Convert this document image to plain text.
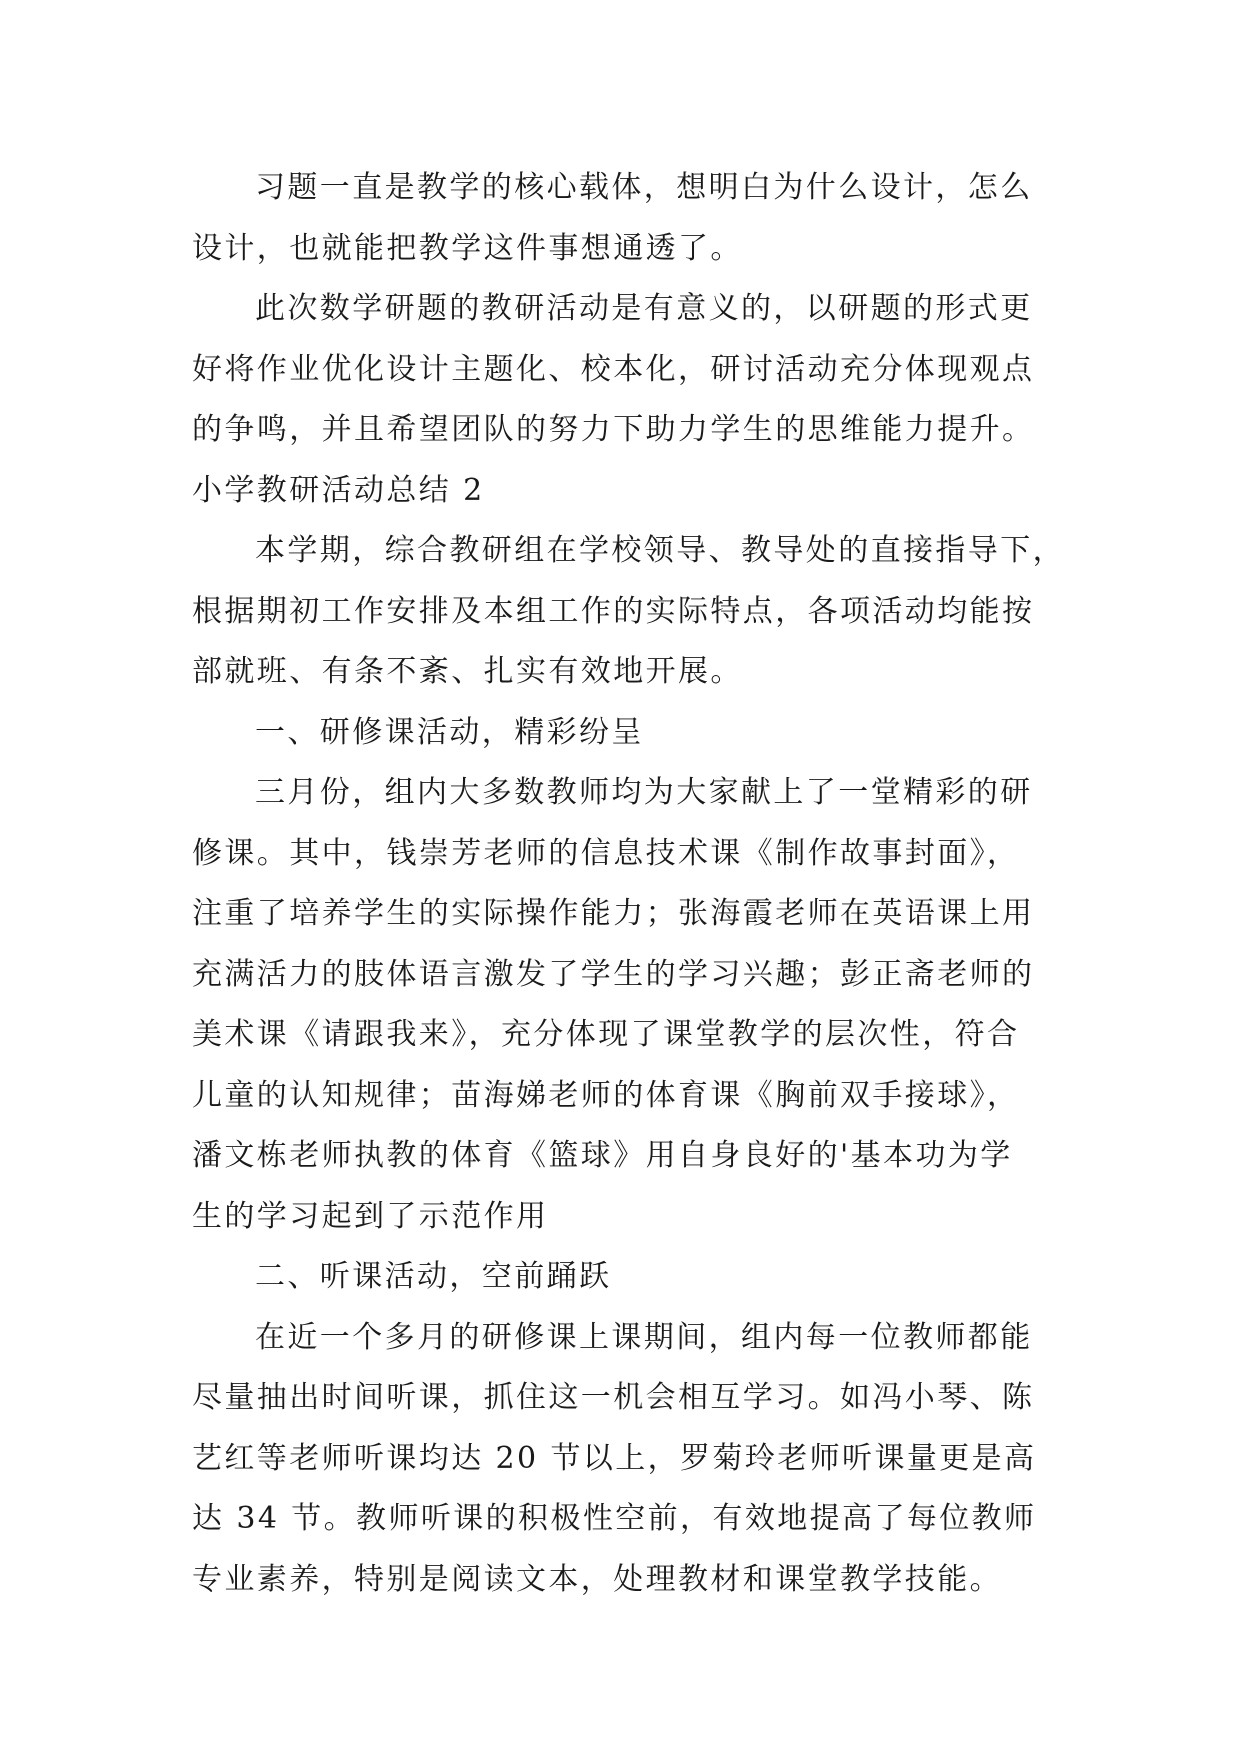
习题一直是教学的核心载体，想明白为什么设计，怎么
设计，也就能把教学这件事想通透了。
此次数学研题的教研活动是有意义的，以研题的形式更
好将作业优化设计主题化、校本化，研讨活动充分体现观点
的争鸣，并且希望团队的努力下助力学生的思维能力提升。
小学教研活动总结 2
本学期，综合教研组在学校领导、教导处的直接指导下，
根据期初工作安排及本组工作的实际特点，各项活动均能按
部就班、有条不紊、扎实有效地开展。
一、研修课活动，精彩纷呈
三月份，组内大多数教师均为大家献上了一堂精彩的研
修课。其中，钱崇芳老师的信息技术课《制作故事封面》，
注重了培养学生的实际操作能力；张海霞老师在英语课上用
充满活力的肢体语言激发了学生的学习兴趣；彭正斋老师的
美术课《请跟我来》，充分体现了课堂教学的层次性，符合
儿童的认知规律；苗海娣老师的体育课《胸前双手接球》，
潘文栋老师执教的体育《篮球》用自身良好的'基本功为学
生的学习起到了示范作用
二、听课活动，空前踊跃
在近一个多月的研修课上课期间，组内每一位教师都能
尽量抽出时间听课，抓住这一机会相互学习。如冯小琴、陈
艺红等老师听课均达 20 节以上，罗菊玲老师听课量更是高
达 34 节。教师听课的积极性空前，有效地提高了每位教师
专业素养，特别是阅读文本，处理教材和课堂教学技能。
